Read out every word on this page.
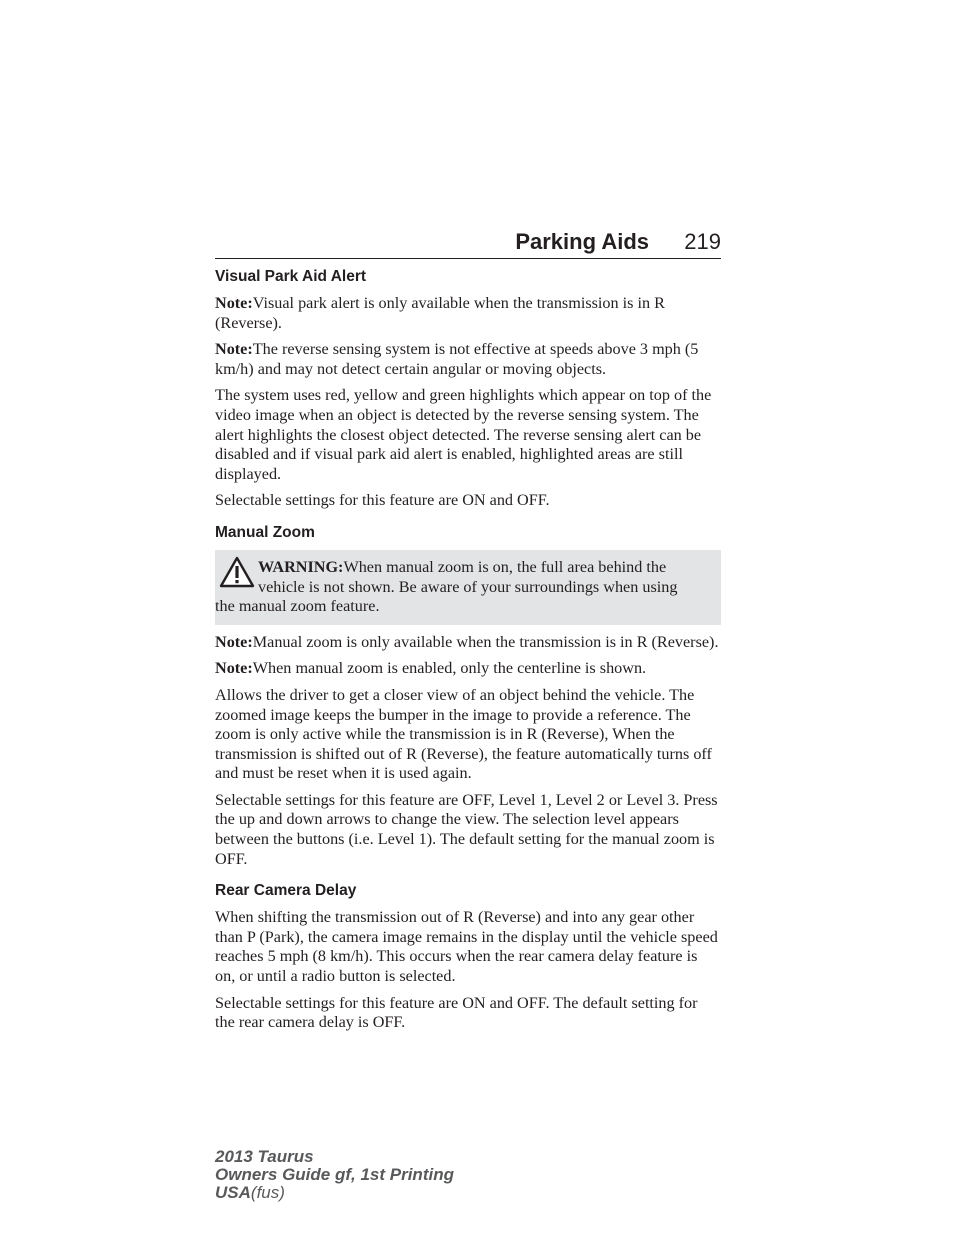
Parking Aids 219
Visual Park Aid Alert

Note:Visual park alert is only available when the transmission is in R (Reverse).

Note:The reverse sensing system is not effective at speeds above 3 mph (5 km/h) and may not detect certain angular or moving objects.

The system uses red, yellow and green highlights which appear on top of the video image when an object is detected by the reverse sensing system. The alert highlights the closest object detected. The reverse sensing alert can be disabled and if visual park aid alert is enabled, highlighted areas are still displayed.

Selectable settings for this feature are ON and OFF.

Manual Zoom
WARNING:When manual zoom is on, the full area behind the
vehicle is not shown. Be aware of your surroundings when using
the manual zoom feature.

Note:Manual zoom is only available when the transmission is in R (Reverse).

Note:When manual zoom is enabled, only the centerline is shown.

Allows the driver to get a closer view of an object behind the vehicle. The zoomed image keeps the bumper in the image to provide a reference. The zoom is only active while the transmission is in R (Reverse), When the transmission is shifted out of R (Reverse), the feature automatically turns off and must be reset when it is used again.

Selectable settings for this feature are OFF, Level 1, Level 2 or Level 3. Press the up and down arrows to change the view. The selection level appears between the buttons (i.e. Level 1). The default setting for the manual zoom is OFF.

Rear Camera Delay

When shifting the transmission out of R (Reverse) and into any gear other than P (Park), the camera image remains in the display until the vehicle speed reaches 5 mph (8 km/h). This occurs when the rear camera delay feature is on, or until a radio button is selected.

Selectable settings for this feature are ON and OFF. The default setting for the rear camera delay is OFF.

2013 Taurus
Owners Guide gf, 1st Printing
USA(fus)
